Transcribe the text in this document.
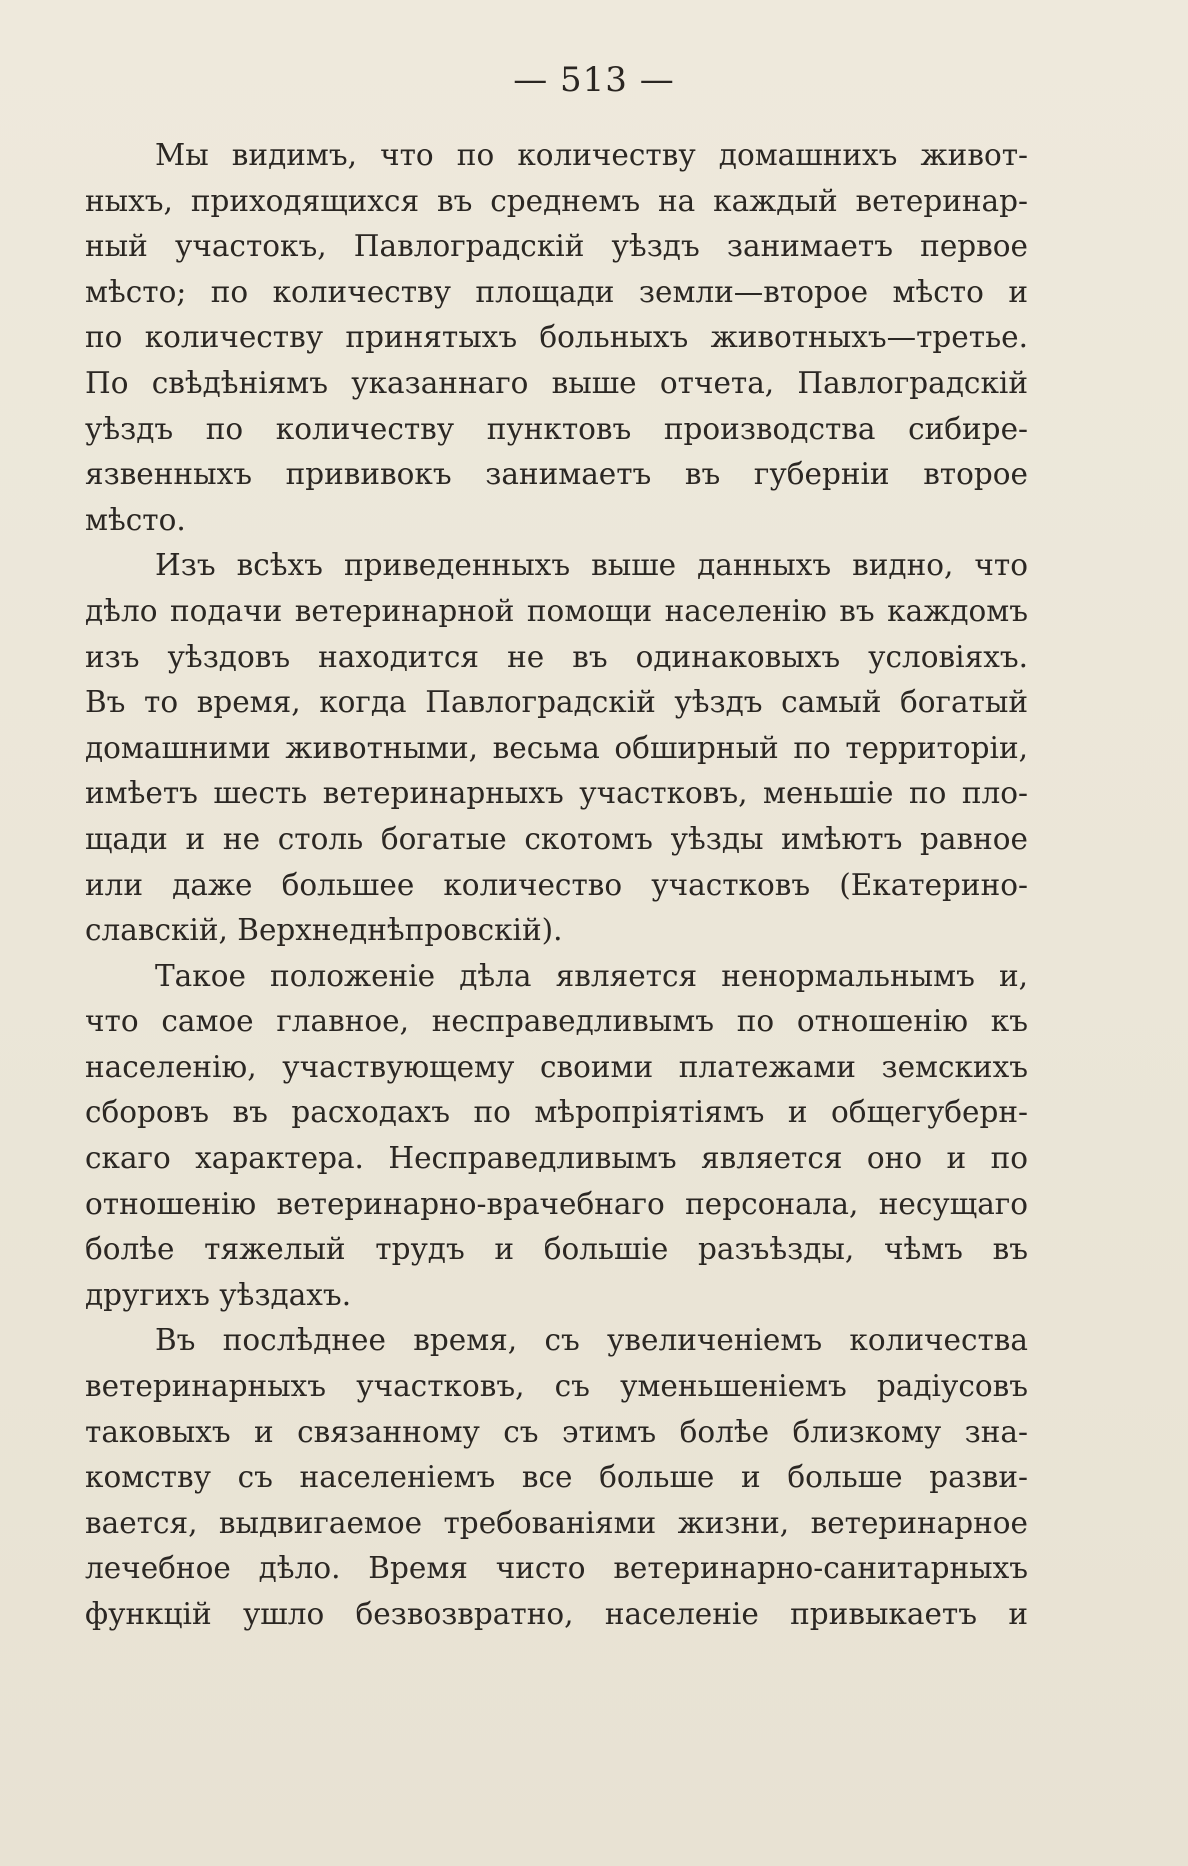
— 513 —
Мы видимъ, что по количеству домашнихъ живот-
ныхъ, приходящихся въ среднемъ на каждый ветеринар-
ный участокъ, Павлоградскій уѣздъ занимаетъ первое
мѣсто; по количеству площади земли—второе мѣсто и
по количеству принятыхъ больныхъ животныхъ—третье.
По свѣдѣніямъ указаннаго выше отчета, Павлоградскій
уѣздъ по количеству пунктовъ производства сибире-
язвенныхъ прививокъ занимаетъ въ губерніи второе
мѣсто.
Изъ всѣхъ приведенныхъ выше данныхъ видно, что
дѣло подачи ветеринарной помощи населенію въ каждомъ
изъ уѣздовъ находится не въ одинаковыхъ условіяхъ.
Въ то время, когда Павлоградскій уѣздъ самый богатый
домашними животными, весьма обширный по территоріи,
имѣетъ шесть ветеринарныхъ участковъ, меньшіе по пло-
щади и не столь богатые скотомъ уѣзды имѣютъ равное
или даже большее количество участковъ (Екатерино-
славскій, Верхнеднѣпровскій).
Такое положеніе дѣла является ненормальнымъ и,
что самое главное, несправедливымъ по отношенію къ
населенію, участвующему своими платежами земскихъ
сборовъ въ расходахъ по мѣропріятіямъ и общегуберн-
скаго характера. Несправедливымъ является оно и по
отношенію ветеринарно-врачебнаго персонала, несущаго
болѣе тяжелый трудъ и большіе разъѣзды, чѣмъ въ
другихъ уѣздахъ.
Въ послѣднее время, съ увеличеніемъ количества
ветеринарныхъ участковъ, съ уменьшеніемъ радіусовъ
таковыхъ и связанному съ этимъ болѣе близкому зна-
комству съ населеніемъ все больше и больше разви-
вается, выдвигаемое требованіями жизни, ветеринарное
лечебное дѣло. Время чисто ветеринарно-санитарныхъ
функцій ушло безвозвратно, населеніе привыкаетъ и
